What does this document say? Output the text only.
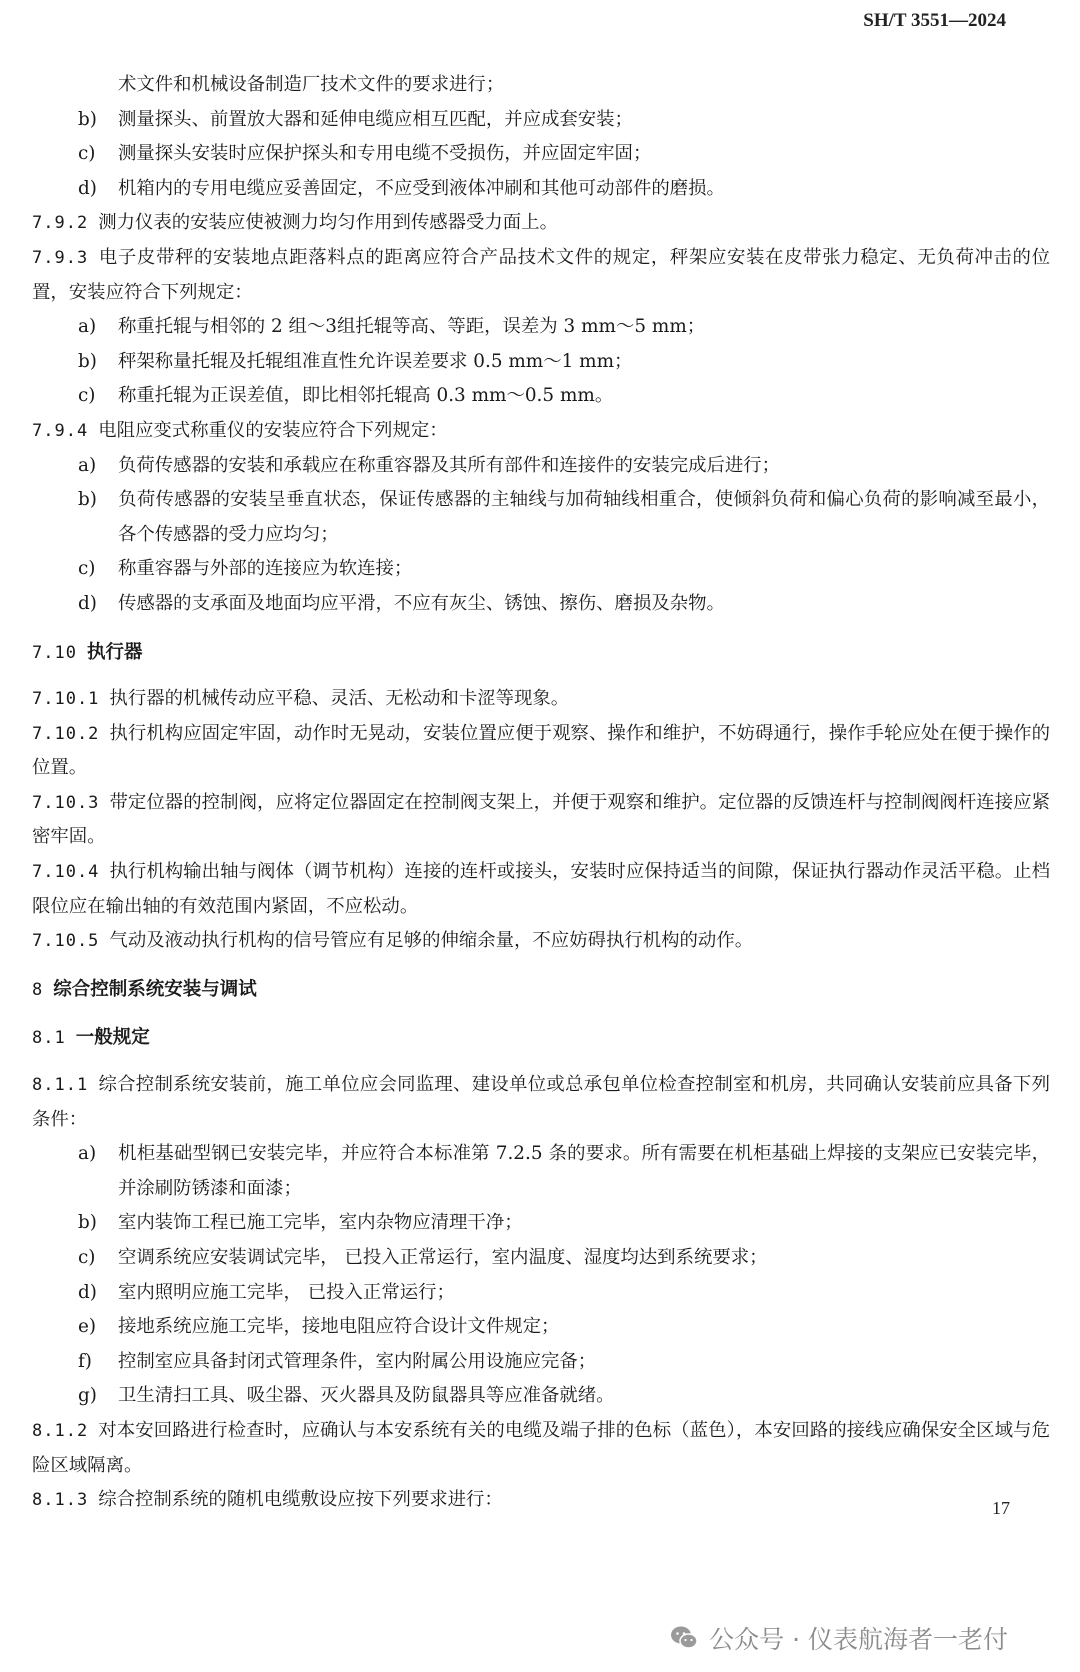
SH/T 3551—2024
术文件和机械设备制造厂技术文件的要求进行；
b) 测量探头、前置放大器和延伸电缆应相互匹配，并应成套安装；
c) 测量探头安装时应保护探头和专用电缆不受损伤，并应固定牢固；
d) 机箱内的专用电缆应妥善固定，不应受到液体冲刷和其他可动部件的磨损。
7.9.2 测力仪表的安装应使被测力均匀作用到传感器受力面上。
7.9.3 电子皮带秤的安装地点距落料点的距离应符合产品技术文件的规定，秤架应安装在皮带张力稳定、无负荷冲击的位置，安装应符合下列规定：
a) 称重托辊与相邻的 2 组～3组托辊等高、等距，误差为 3 mm～5 mm；
b) 秤架称量托辊及托辊组准直性允许误差要求 0.5 mm～1 mm；
c) 称重托辊为正误差值，即比相邻托辊高 0.3 mm～0.5 mm。
7.9.4 电阻应变式称重仪的安装应符合下列规定：
a) 负荷传感器的安装和承载应在称重容器及其所有部件和连接件的安装完成后进行；
b) 负荷传感器的安装呈垂直状态，保证传感器的主轴线与加荷轴线相重合，使倾斜负荷和偏心负荷的影响减至最小，各个传感器的受力应均匀；
c) 称重容器与外部的连接应为软连接；
d) 传感器的支承面及地面均应平滑，不应有灰尘、锈蚀、擦伤、磨损及杂物。
7.10 执行器
7.10.1 执行器的机械传动应平稳、灵活、无松动和卡涩等现象。
7.10.2 执行机构应固定牢固，动作时无晃动，安装位置应便于观察、操作和维护，不妨碍通行，操作手轮应处在便于操作的位置。
7.10.3 带定位器的控制阀，应将定位器固定在控制阀支架上，并便于观察和维护。定位器的反馈连杆与控制阀阀杆连接应紧密牢固。
7.10.4 执行机构输出轴与阀体（调节机构）连接的连杆或接头，安装时应保持适当的间隙，保证执行器动作灵活平稳。止档限位应在输出轴的有效范围内紧固，不应松动。
7.10.5 气动及液动执行机构的信号管应有足够的伸缩余量，不应妨碍执行机构的动作。
8 综合控制系统安装与调试
8.1 一般规定
8.1.1 综合控制系统安装前，施工单位应会同监理、建设单位或总承包单位检查控制室和机房，共同确认安装前应具备下列条件：
a) 机柜基础型钢已安装完毕，并应符合本标准第 7.2.5 条的要求。所有需要在机柜基础上焊接的支架应已安装完毕，并涂刷防锈漆和面漆；
b) 室内装饰工程已施工完毕，室内杂物应清理干净；
c) 空调系统应安装调试完毕， 已投入正常运行，室内温度、湿度均达到系统要求；
d) 室内照明应施工完毕， 已投入正常运行；
e) 接地系统应施工完毕，接地电阻应符合设计文件规定；
f) 控制室应具备封闭式管理条件，室内附属公用设施应完备；
g) 卫生清扫工具、吸尘器、灭火器具及防鼠器具等应准备就绪。
8.1.2 对本安回路进行检查时，应确认与本安系统有关的电缆及端子排的色标（蓝色），本安回路的接线应确保安全区域与危险区域隔离。
8.1.3 综合控制系统的随机电缆敷设应按下列要求进行：	17
公众号 · 仪表航海者一老付
